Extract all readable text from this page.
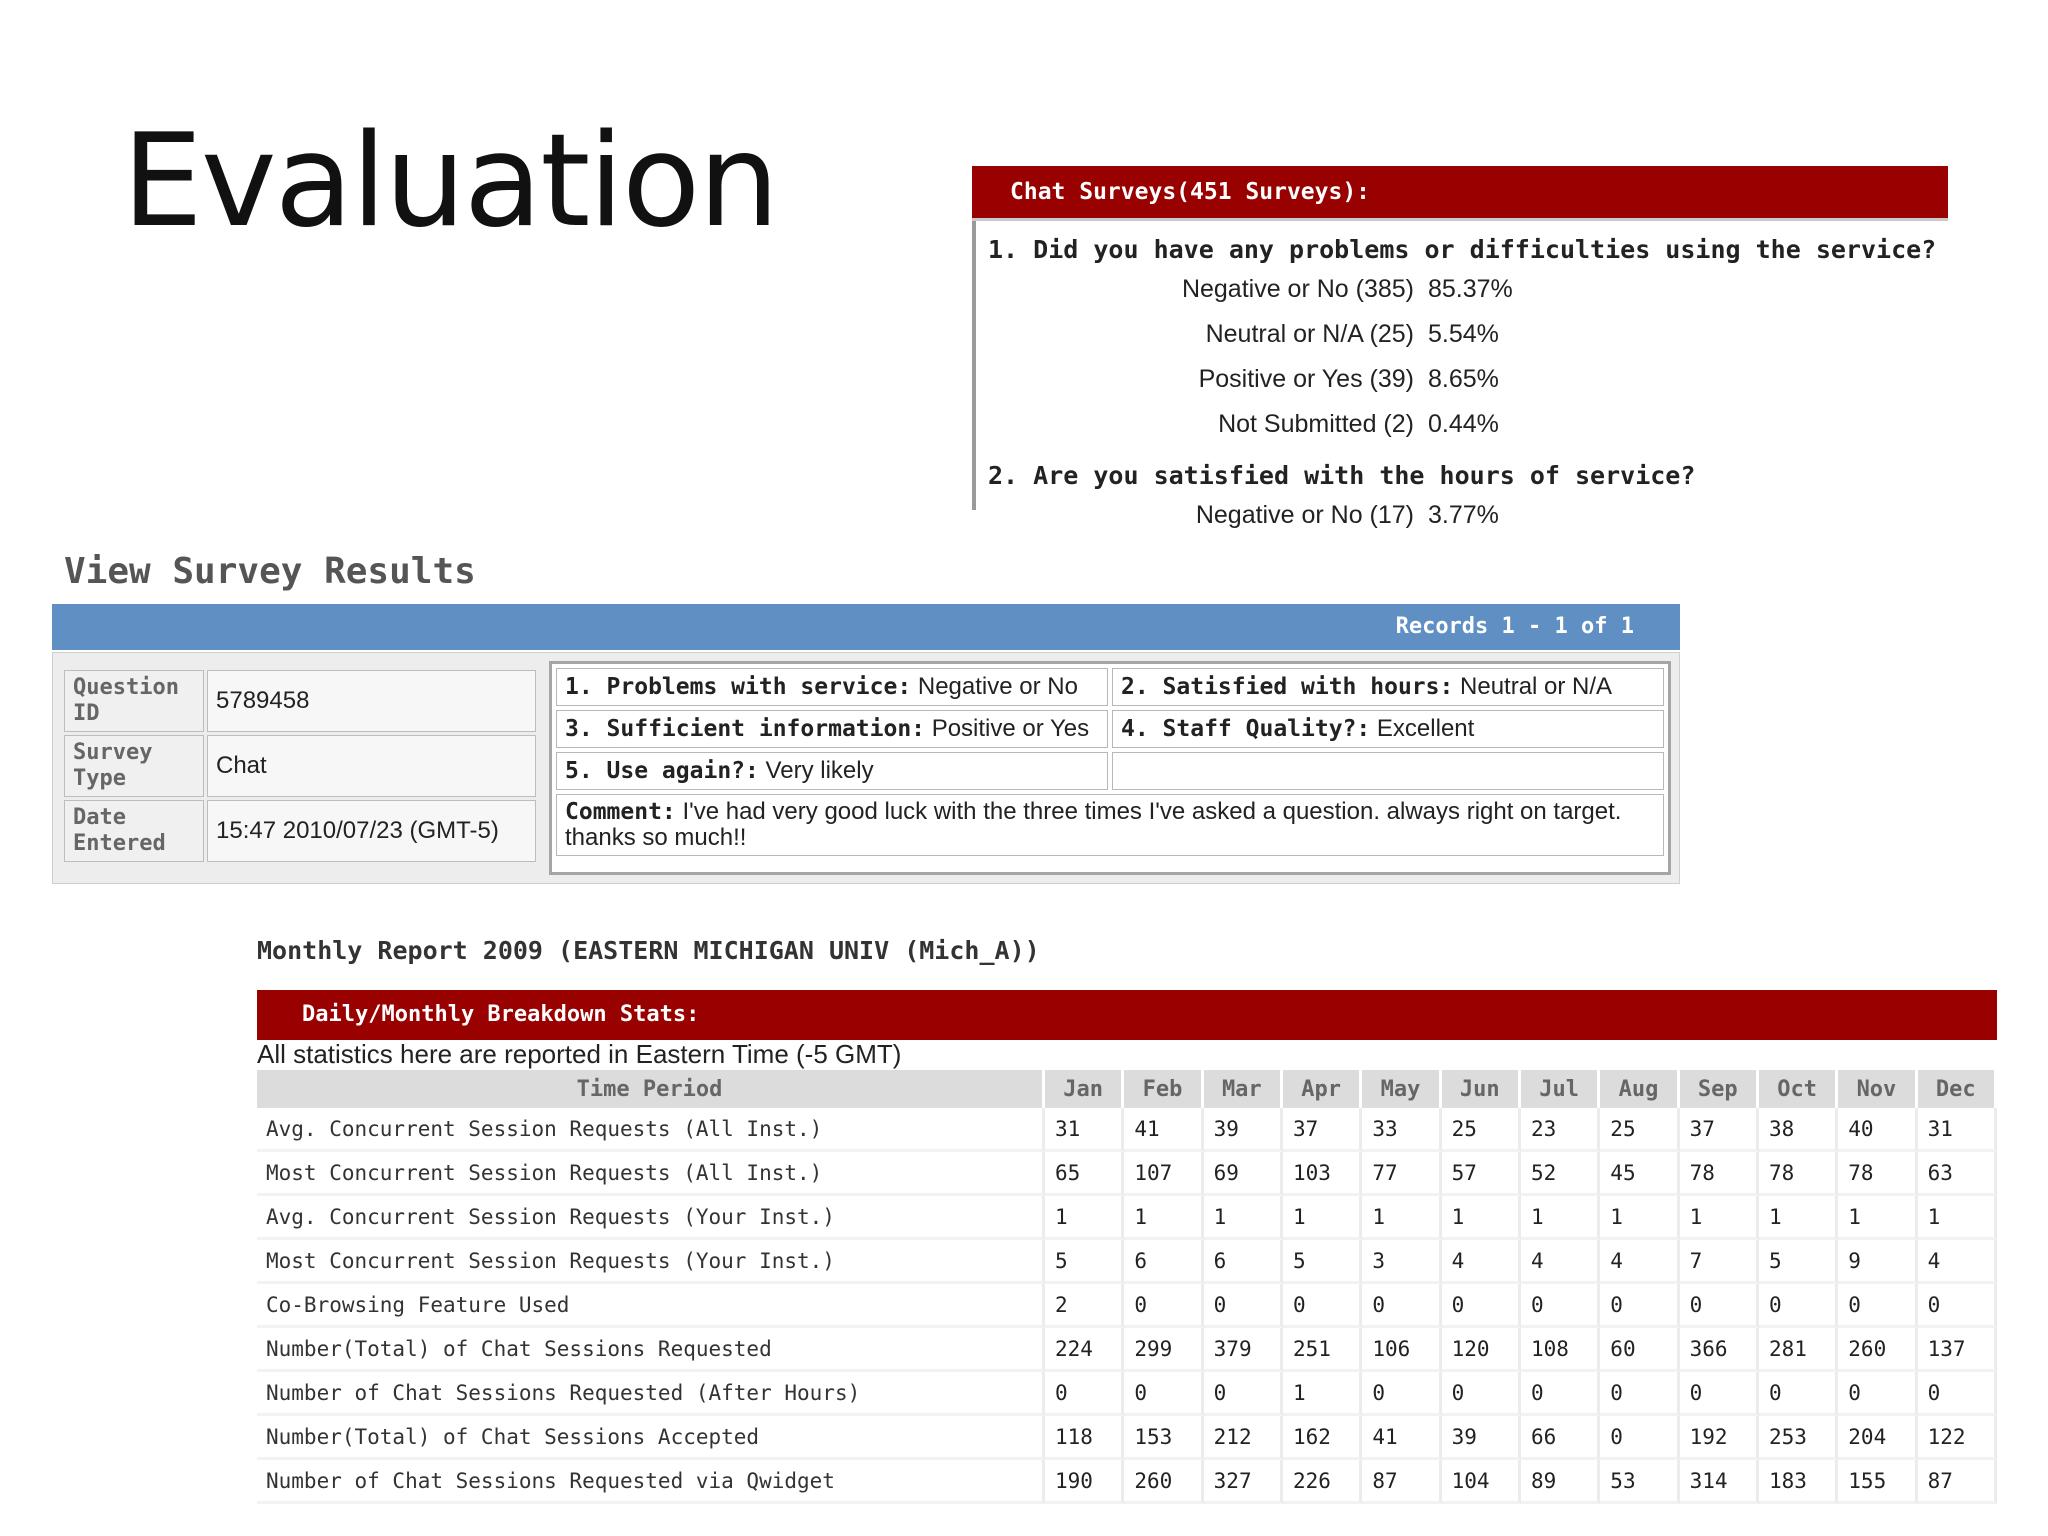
Evaluation	Chat Surveys(451 Surveys):
1. Did you have any problems or difficulties using the service?
Negative or No (385) 85.37%
Neutral or N/A (25) 5.54%
Positive or Yes (39) 8.65%
Not Submitted (2) 0.44%
2. Are you satisfied with the hours of service?
Negative or No (17) 3.77%
View Survey Results
Records 1 - 1 of 1
Question ID	5789458
Survey Type	Chat
Date Entered	15:47 2010/07/23 (GMT-5)
1. Problems with service: Negative or No	2. Satisfied with hours: Neutral or N/A
3. Sufficient information: Positive or Yes	4. Staff Quality?: Excellent
5. Use again?: Very likely	
Comment: I've had very good luck with the three times I've asked a question. always right on target. thanks so much!!	
Monthly Report 2009 (EASTERN MICHIGAN UNIV (Mich_A))
Daily/Monthly Breakdown Stats:
All statistics here are reported in Eastern Time (-5 GMT)
Time Period	Jan	Feb	Mar	Apr	May	Jun	Jul	Aug	Sep	Oct	Nov	Dec
Avg. Concurrent Session Requests (All Inst.)	31	41	39	37	33	25	23	25	37	38	40	31
Most Concurrent Session Requests (All Inst.)	65	107	69	103	77	57	52	45	78	78	78	63
Avg. Concurrent Session Requests (Your Inst.)	1	1	1	1	1	1	1	1	1	1	1	1
Most Concurrent Session Requests (Your Inst.)	5	6	6	5	3	4	4	4	7	5	9	4
Co-Browsing Feature Used	2	0	0	0	0	0	0	0	0	0	0	0
Number(Total) of Chat Sessions Requested	224	299	379	251	106	120	108	60	366	281	260	137
Number of Chat Sessions Requested (After Hours)	0	0	0	1	0	0	0	0	0	0	0	0
Number(Total) of Chat Sessions Accepted	118	153	212	162	41	39	66	0	192	253	204	122
Number of Chat Sessions Requested via Qwidget	190	260	327	226	87	104	89	53	314	183	155	87
